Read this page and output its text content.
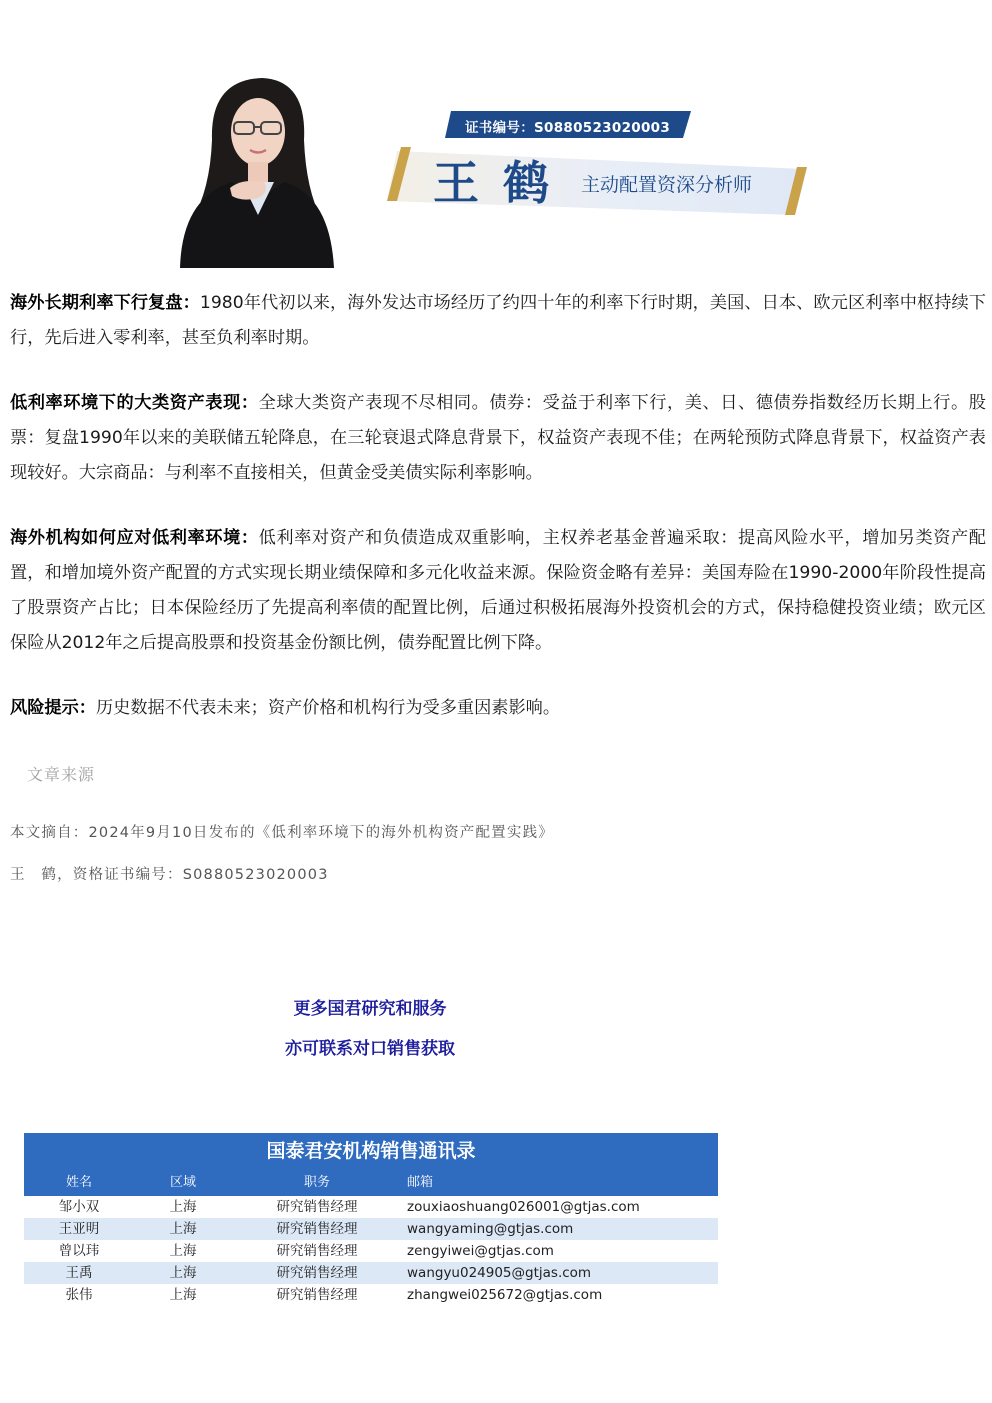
证书编号：S0880523020003
王鹤 主动配置资深分析师
海外长期利率下行复盘：1980年代初以来，海外发达市场经历了约四十年的利率下行时期，美国、日本、欧元区利率中枢持续下行，先后进入零利率，甚至负利率时期。
低利率环境下的大类资产表现：全球大类资产表现不尽相同。债券：受益于利率下行，美、日、德债券指数经历长期上行。股票：复盘1990年以来的美联储五轮降息，在三轮衰退式降息背景下，权益资产表现不佳；在两轮预防式降息背景下，权益资产表现较好。大宗商品：与利率不直接相关，但黄金受美债实际利率影响。
海外机构如何应对低利率环境：低利率对资产和负债造成双重影响，主权养老基金普遍采取：提高风险水平，增加另类资产配置，和增加境外资产配置的方式实现长期业绩保障和多元化收益来源。保险资金略有差异：美国寿险在1990-2000年阶段性提高了股票资产占比；日本保险经历了先提高利率债的配置比例，后通过积极拓展海外投资机会的方式，保持稳健投资业绩；欧元区保险从2012年之后提高股票和投资基金份额比例，债券配置比例下降。
风险提示：历史数据不代表未来；资产价格和机构行为受多重因素影响。
文章来源
本文摘自：2024年9月10日发布的《低利率环境下的海外机构资产配置实践》
王　鹤，资格证书编号：S0880523020003
更多国君研究和服务
亦可联系对口销售获取
国泰君安机构销售通讯录
姓名	区域	职务	邮箱
邹小双	上海	研究销售经理	zouxiaoshuang026001@gtjas.com
王亚明	上海	研究销售经理	wangyaming@gtjas.com
曾以玮	上海	研究销售经理	zengyiwei@gtjas.com
王禹	上海	研究销售经理	wangyu024905@gtjas.com
张伟	上海	研究销售经理	zhangwei025672@gtjas.com
